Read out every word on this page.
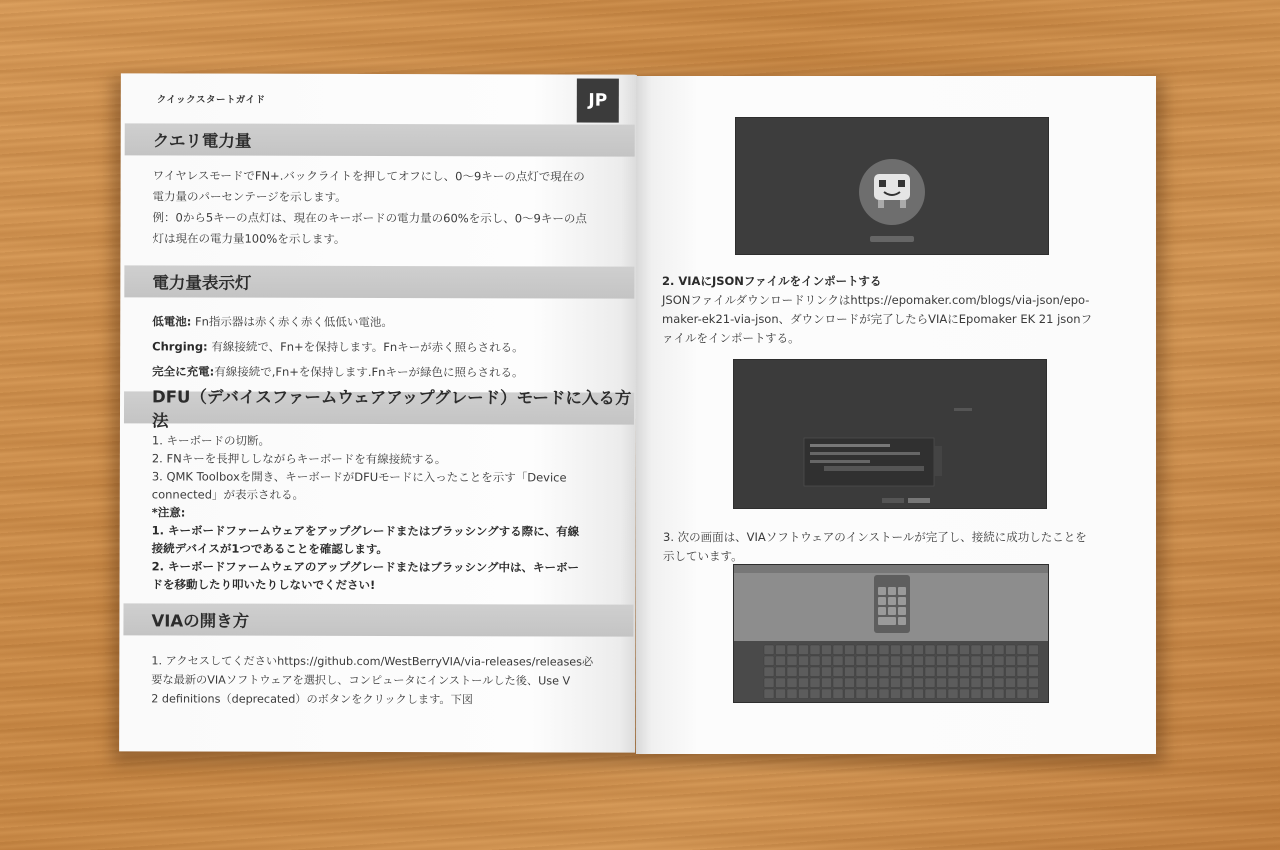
クイックスタートガイド	JP
クエリ電力量
ワイヤレスモードでFN+.バックライトを押してオフにし、0～9キーの点灯で現在の
電力量のパーセンテージを示します。
例：0から5キーの点灯は、現在のキーボードの電力量の60%を示し、0～9キーの点
灯は現在の電力量100%を示します。
電力量表示灯
低電池: Fn指示器は赤く赤く赤く低低い電池。
Chrging: 有線接続で、Fn+を保持します。Fnキーが赤く照らされる。
完全に充電:有線接続で,Fn+を保持します.Fnキーが緑色に照らされる。
DFU（デバイスファームウェアアップグレード）モードに入る方法
1. キーボードの切断。
2. FNキーを長押ししながらキーボードを有線接続する。
3. QMK Toolboxを開き、キーボードがDFUモードに入ったことを示す「Device
connected」が表示される。
*注意:
1. キーボードファームウェアをアップグレードまたはブラッシングする際に、有線
接続デバイスが1つであることを確認します。
2. キーボードファームウェアのアップグレードまたはブラッシング中は、キーボー
ドを移動したり叩いたりしないでください!
VIAの開き方
1. アクセスしてくださいhttps://github.com/WestBerryVIA/via-releases/releases必
要な最新のVIAソフトウェアを選択し、コンピュータにインストールした後、Use V
2 definitions（deprecated）のボタンをクリックします。下図
2. VIAにJSONファイルをインポートする
JSONファイルダウンロードリンクはhttps://epomaker.com/blogs/via-json/epo-
maker-ek21-via-json、ダウンロードが完了したらVIAにEpomaker EK 21 jsonフ
ァイルをインポートする。
3. 次の画面は、VIAソフトウェアのインストールが完了し、接続に成功したことを
示しています。
